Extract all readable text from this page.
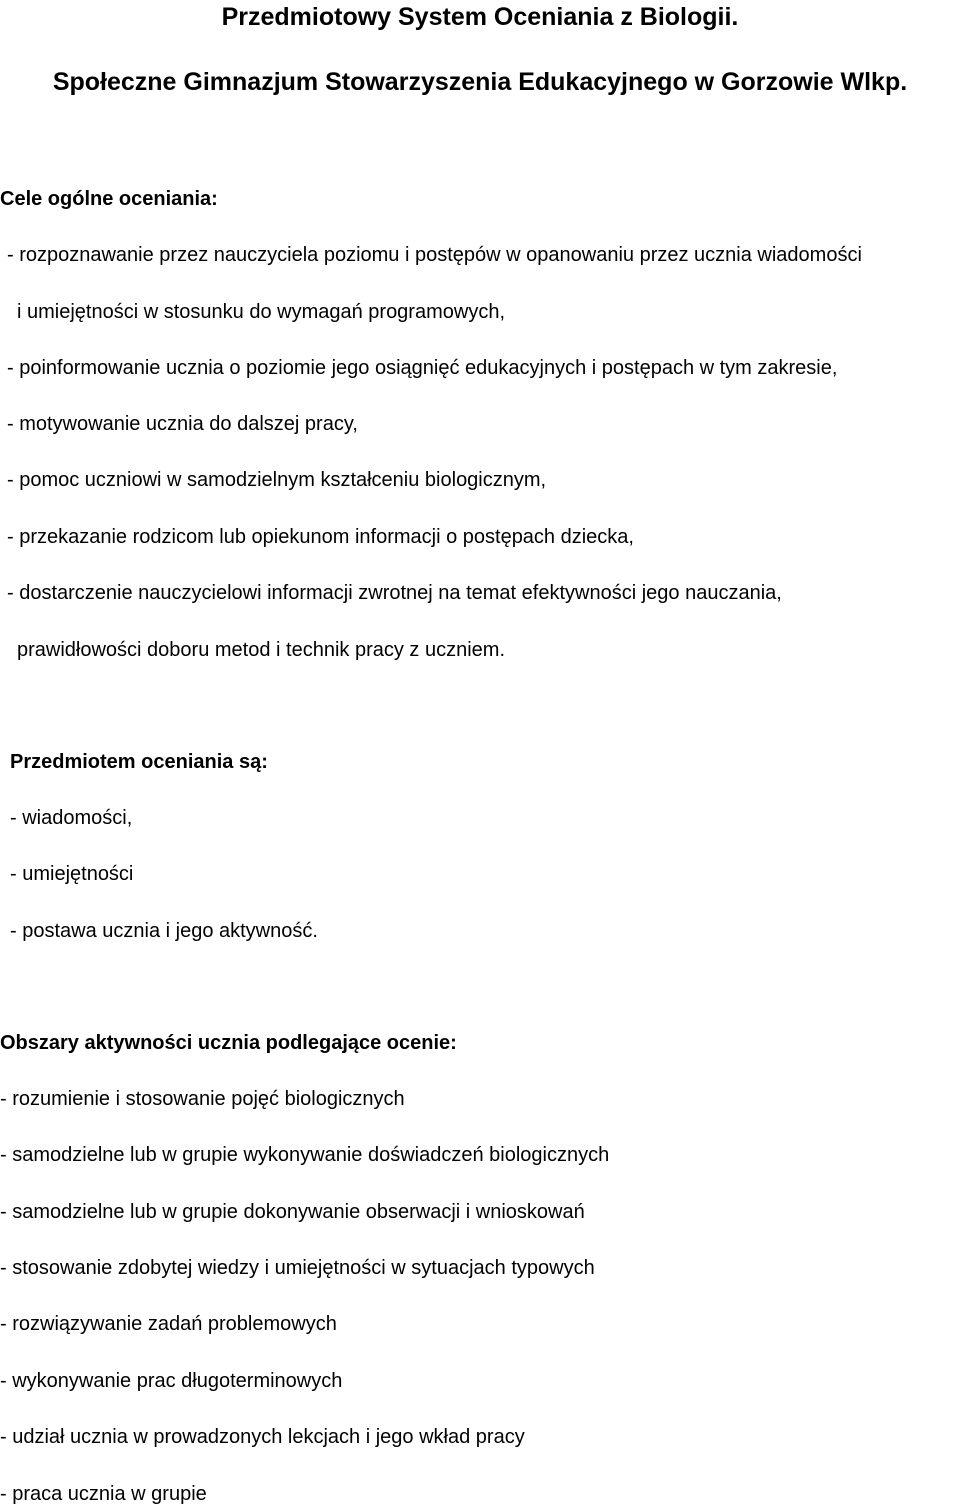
Przedmiotowy System Oceniania z Biologii.
Społeczne Gimnazjum Stowarzyszenia Edukacyjnego w Gorzowie Wlkp.
Cele ogólne oceniania:

- rozpoznawanie przez nauczyciela poziomu i postępów w opanowaniu przez ucznia wiadomości

i umiejętności w stosunku do wymagań programowych,

- poinformowanie ucznia o poziomie jego osiągnięć edukacyjnych i postępach w tym zakresie,

- motywowanie ucznia do dalszej pracy,

- pomoc uczniowi w samodzielnym kształceniu biologicznym,

- przekazanie rodzicom lub opiekunom informacji o postępach dziecka,

- dostarczenie nauczycielowi informacji zwrotnej na temat efektywności jego nauczania,

prawidłowości doboru metod i technik pracy z uczniem.

Przedmiotem oceniania są:

- wiadomości,

- umiejętności

- postawa ucznia i jego aktywność.

Obszary aktywności ucznia podlegające ocenie:

- rozumienie i stosowanie pojęć biologicznych

- samodzielne lub w grupie wykonywanie doświadczeń biologicznych

- samodzielne lub w grupie dokonywanie obserwacji i wnioskowań

- stosowanie zdobytej wiedzy i umiejętności w sytuacjach typowych

- rozwiązywanie zadań problemowych

- wykonywanie prac długoterminowych

- udział ucznia w prowadzonych lekcjach i jego wkład pracy

- praca ucznia w grupie
